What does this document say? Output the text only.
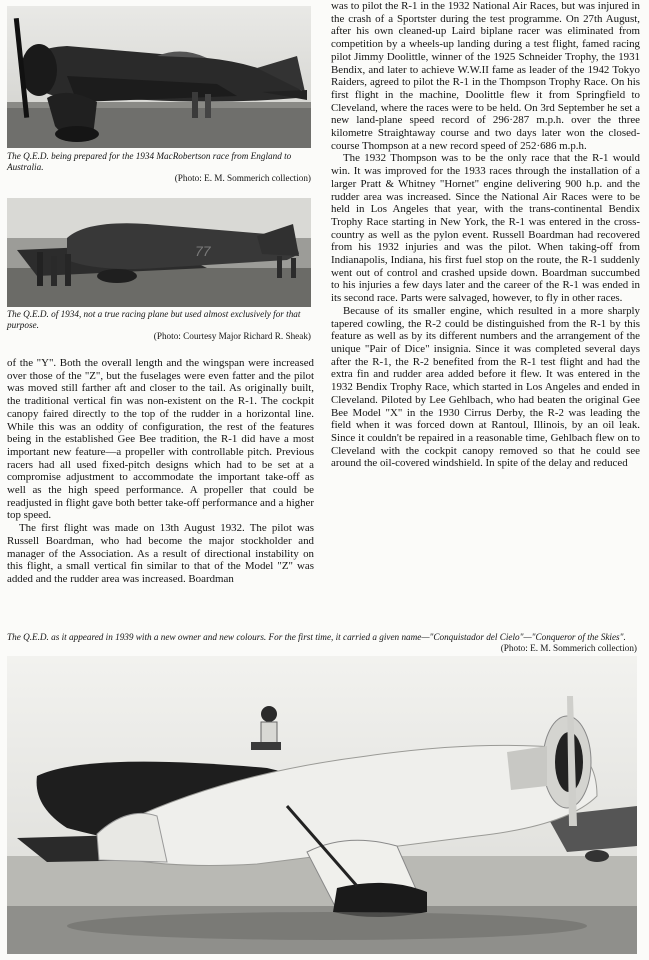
The Q.E.D. being prepared for the 1934 MacRobertson race from England to Australia.
(Photo: E. M. Sommerich collection)
77
The Q.E.D. of 1934, not a true racing plane but used almost exclusively for that purpose.
(Photo: Courtesy Major Richard R. Sheak)

of the "Y". Both the overall length and the wingspan were increased over those of the "Z", but the fuselages were even fatter and the pilot was moved still farther aft and closer to the tail. As originally built, the traditional vertical fin was non-existent on the R-1. The cockpit canopy faired directly to the top of the rudder in a horizontal line. While this was an oddity of configuration, the rest of the features being in the established Gee Bee tradition, the R-1 did have a most important new feature—a propeller with controllable pitch. Previous racers had all used fixed-pitch designs which had to be set at a compromise adjustment to accommodate the important take-off as well as the high speed performance. A propeller that could be readjusted in flight gave both better take-off performance and a higher top speed.

The first flight was made on 13th August 1932. The pilot was Russell Boardman, who had become the major stockholder and manager of the Association. As a result of directional instability on this flight, a small vertical fin similar to that of the Model "Z" was added and the rudder area was increased. Boardman

was to pilot the R-1 in the 1932 National Air Races, but was injured in the crash of a Sportster during the test programme. On 27th August, after his own cleaned-up Laird biplane racer was eliminated from competition by a wheels-up landing during a test flight, famed racing pilot Jimmy Doolittle, winner of the 1925 Schneider Trophy, the 1931 Bendix, and later to achieve W.W.II fame as leader of the 1942 Tokyo Raiders, agreed to pilot the R-1 in the Thompson Trophy Race. On his first flight in the machine, Doolittle flew it from Springfield to Cleveland, where the races were to be held. On 3rd September he set a new land-plane speed record of 296·287 m.p.h. over the three kilometre Straightaway course and two days later won the closed-course Thompson at a new record speed of 252·686 m.p.h.

The 1932 Thompson was to be the only race that the R-1 would win. It was improved for the 1933 races through the installation of a larger Pratt & Whitney "Hornet" engine delivering 900 h.p. and the rudder area was increased. Since the National Air Races were to be held in Los Angeles that year, with the trans-continental Bendix Trophy Race starting in New York, the R-1 was entered in the cross-country as well as the pylon event. Russell Boardman had recovered from his 1932 injuries and was the pilot. When taking-off from Indianapolis, Indiana, his first fuel stop on the route, the R-1 suddenly went out of control and crashed upside down. Boardman succumbed to his injuries a few days later and the career of the R-1 was ended in its second race. Parts were salvaged, however, to fly in other races.

Because of its smaller engine, which resulted in a more sharply tapered cowling, the R-2 could be distinguished from the R-1 by this feature as well as by its different numbers and the arrangement of the unique "Pair of Dice" insignia. Since it was completed several days after the R-1, the R-2 benefited from the R-1 test flight and had the extra fin and rudder area added before it flew. It was entered in the 1932 Bendix Trophy Race, which started in Los Angeles and ended in Cleveland. Piloted by Lee Gehlbach, who had beaten the original Gee Bee Model "X" in the 1930 Cirrus Derby, the R-2 was leading the field when it was forced down at Rantoul, Illinois, by an oil leak. Since it couldn't be repaired in a reasonable time, Gehlbach flew on to Cleveland with the cockpit canopy removed so that he could see around the oil-covered windshield. In spite of the delay and reduced

The Q.E.D. as it appeared in 1939 with a new owner and new colours. For the first time, it carried a given name—"Conquistador del Cielo"—"Conqueror of the Skies".
(Photo: E. M. Sommerich collection)
